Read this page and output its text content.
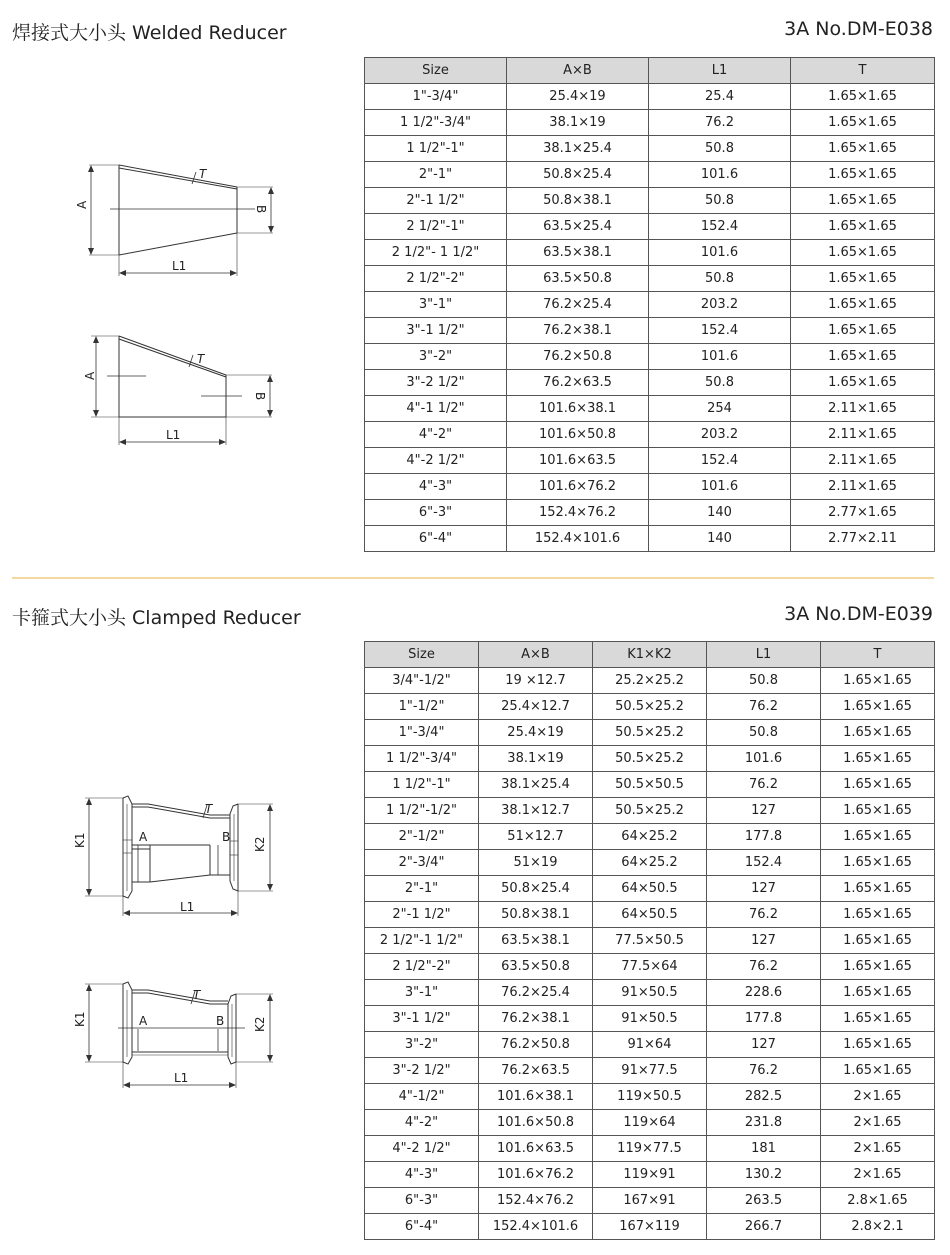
焊接式大小头 Welded Reducer	3A No.DM-E038
A
B
T
L1
A
B
T
L1
Size	A×B	L1	T
1"-3/4"	25.4×19	25.4	1.65×1.65
1 1/2"-3/4"	38.1×19	76.2	1.65×1.65
1 1/2"-1"	38.1×25.4	50.8	1.65×1.65
2"-1"	50.8×25.4	101.6	1.65×1.65
2"-1 1/2"	50.8×38.1	50.8	1.65×1.65
2 1/2"-1"	63.5×25.4	152.4	1.65×1.65
2 1/2"- 1 1/2"	63.5×38.1	101.6	1.65×1.65
2 1/2"-2"	63.5×50.8	50.8	1.65×1.65
3"-1"	76.2×25.4	203.2	1.65×1.65
3"-1 1/2"	76.2×38.1	152.4	1.65×1.65
3"-2"	76.2×50.8	101.6	1.65×1.65
3"-2 1/2"	76.2×63.5	50.8	1.65×1.65
4"-1 1/2"	101.6×38.1	254	2.11×1.65
4"-2"	101.6×50.8	203.2	2.11×1.65
4"-2 1/2"	101.6×63.5	152.4	2.11×1.65
4"-3"	101.6×76.2	101.6	2.11×1.65
6"-3"	152.4×76.2	140	2.77×1.65
6"-4"	152.4×101.6	140	2.77×2.11
卡箍式大小头 Clamped Reducer	3A No.DM-E039
K1	K2
A	B
T
L1
K1	K2
A	B
T
L1
Size	A×B	K1×K2	L1	T
3/4"-1/2"	19 ×12.7	25.2×25.2	50.8	1.65×1.65
1"-1/2"	25.4×12.7	50.5×25.2	76.2	1.65×1.65
1"-3/4"	25.4×19	50.5×25.2	50.8	1.65×1.65
1 1/2"-3/4"	38.1×19	50.5×25.2	101.6	1.65×1.65
1 1/2"-1"	38.1×25.4	50.5×50.5	76.2	1.65×1.65
1 1/2"-1/2"	38.1×12.7	50.5×25.2	127	1.65×1.65
2"-1/2"	51×12.7	64×25.2	177.8	1.65×1.65
2"-3/4"	51×19	64×25.2	152.4	1.65×1.65
2"-1"	50.8×25.4	64×50.5	127	1.65×1.65
2"-1 1/2"	50.8×38.1	64×50.5	76.2	1.65×1.65
2 1/2"-1 1/2"	63.5×38.1	77.5×50.5	127	1.65×1.65
2 1/2"-2"	63.5×50.8	77.5×64	76.2	1.65×1.65
3"-1"	76.2×25.4	91×50.5	228.6	1.65×1.65
3"-1 1/2"	76.2×38.1	91×50.5	177.8	1.65×1.65
3"-2"	76.2×50.8	91×64	127	1.65×1.65
3"-2 1/2"	76.2×63.5	91×77.5	76.2	1.65×1.65
4"-1/2"	101.6×38.1	119×50.5	282.5	2×1.65
4"-2"	101.6×50.8	119×64	231.8	2×1.65
4"-2 1/2"	101.6×63.5	119×77.5	181	2×1.65
4"-3"	101.6×76.2	119×91	130.2	2×1.65
6"-3"	152.4×76.2	167×91	263.5	2.8×1.65
6"-4"	152.4×101.6	167×119	266.7	2.8×2.1
